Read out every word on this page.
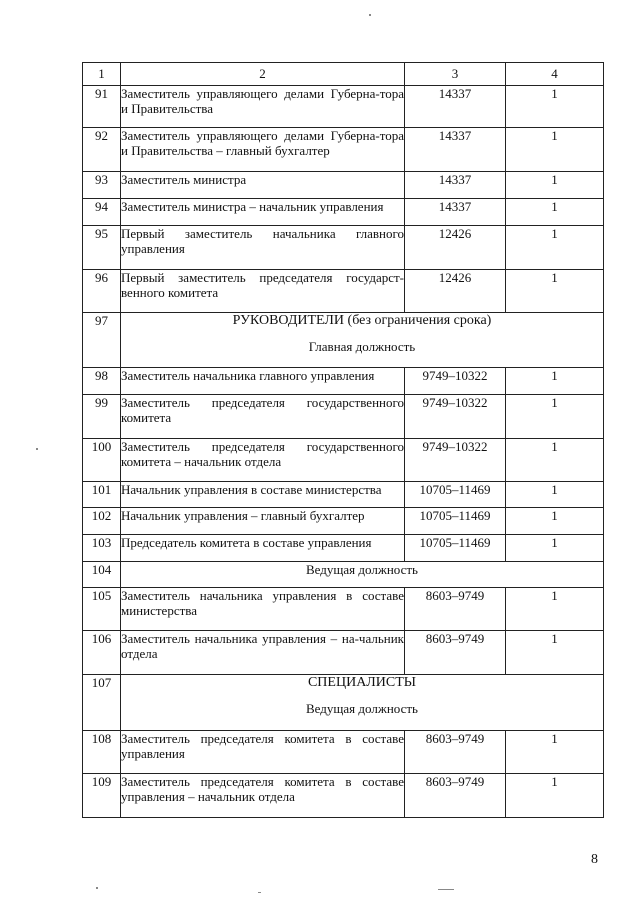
1	2	3	4
91	Заместитель управляющего делами Губерна-тора и Правительства	14337	1
92	Заместитель управляющего делами Губерна-тора и Правительства – главный бухгалтер	14337	1
93	Заместитель министра	14337	1
94	Заместитель министра – начальник управления	14337	1
95	Первый заместитель начальника главного управления	12426	1
96	Первый заместитель председателя государст-венного комитета	12426	1
97	РУКОВОДИТЕЛИ (без ограничения срока)
Главная должность		

98	Заместитель начальника главного управления	9749–10322	1
99	Заместитель председателя государственного комитета	9749–10322	1
100	Заместитель председателя государственного комитета – начальник отдела	9749–10322	1
101	Начальник управления в составе министерства	10705–11469	1
102	Начальник управления – главный бухгалтер	10705–11469	1
103	Председатель комитета в составе управления	10705–11469	1
104	Ведущая должность		

105	Заместитель начальника управления в составе министерства	8603–9749	1
106	Заместитель начальника управления – на-чальник отдела	8603–9749	1
107	СПЕЦИАЛИСТЫ
Ведущая должность		

108	Заместитель председателя комитета в составе управления	8603–9749	1
109	Заместитель председателя комитета в составе управления – начальник отдела	8603–9749	1
8
